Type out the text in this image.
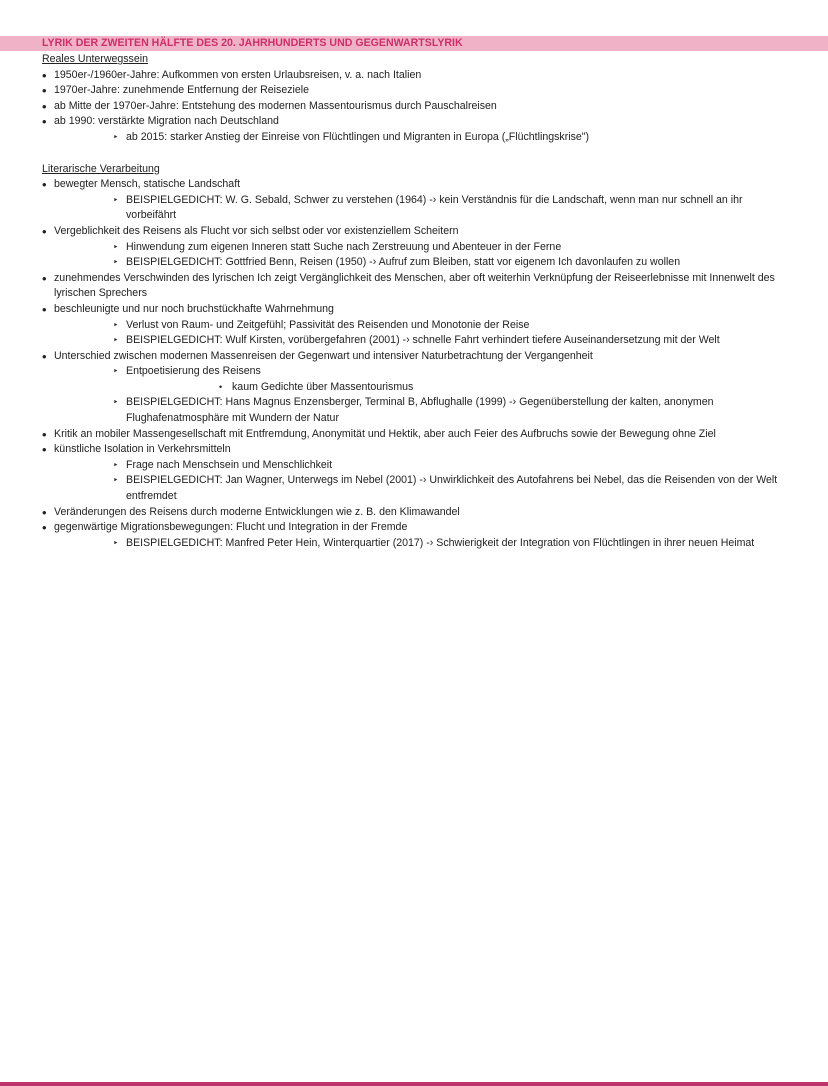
LYRIK DER ZWEITEN HÄLFTE DES 20. JAHRHUNDERTS UND GEGENWARTSLYRIK
Reales Unterwegssein
• 1950er-/1960er-Jahre: Aufkommen von ersten Urlaubsreisen, v. a. nach Italien
• 1970er-Jahre: zunehmende Entfernung der Reiseziele
• ab Mitte der 1970er-Jahre: Entstehung des modernen Massentourismus durch Pauschalreisen
• ab 1990: verstärkte Migration nach Deutschland
‣ ab 2015: starker Anstieg der Einreise von Flüchtlingen und Migranten in Europa („Flüchtlingskrise")
Literarische Verarbeitung
• bewegter Mensch, statische Landschaft
‣ BEISPIELGEDICHT: W. G. Sebald, Schwer zu verstehen (1964) -› kein Verständnis für die Landschaft, wenn man nur schnell an ihr vorbeifährt
• Vergeblichkeit des Reisens als Flucht vor sich selbst oder vor existenziellem Scheitern
‣ Hinwendung zum eigenen Inneren statt Suche nach Zerstreuung und Abenteuer in der Ferne
‣ BEISPIELGEDICHT: Gottfried Benn, Reisen (1950) -› Aufruf zum Bleiben, statt vor eigenem Ich davonlaufen zu wollen
• zunehmendes Verschwinden des lyrischen Ich zeigt Vergänglichkeit des Menschen, aber oft weiterhin Verknüpfung der Reiseerlebnisse mit Innenwelt des lyrischen Sprechers
• beschleunigte und nur noch bruchstückhafte Wahrnehmung
‣ Verlust von Raum- und Zeitgefühl; Passivität des Reisenden und Monotonie der Reise
‣ BEISPIELGEDICHT: Wulf Kirsten, vorübergefahren (2001) -› schnelle Fahrt verhindert tiefere Auseinandersetzung mit der Welt
• Unterschied zwischen modernen Massenreisen der Gegenwart und intensiver Naturbetrachtung der Vergangenheit
‣ Entpoetisierung des Reisens
• kaum Gedichte über Massentourismus
‣ BEISPIELGEDICHT: Hans Magnus Enzensberger, Terminal B, Abflughalle (1999) -› Gegenüberstellung der kalten, anonymen Flughafenatmosphäre mit Wundern der Natur
• Kritik an mobiler Massengesellschaft mit Entfremdung, Anonymität und Hektik, aber auch Feier des Aufbruchs sowie der Bewegung ohne Ziel
• künstliche Isolation in Verkehrsmitteln
‣ Frage nach Menschsein und Menschlichkeit
‣ BEISPIELGEDICHT: Jan Wagner, Unterwegs im Nebel (2001) -› Unwirklichkeit des Autofahrens bei Nebel, das die Reisenden von der Welt entfremdet
• Veränderungen des Reisens durch moderne Entwicklungen wie z. B. den Klimawandel
• gegenwärtige Migrationsbewegungen: Flucht und Integration in der Fremde
‣ BEISPIELGEDICHT: Manfred Peter Hein, Winterquartier (2017) -› Schwierigkeit der Integration von Flüchtlingen in ihrer neuen Heimat
